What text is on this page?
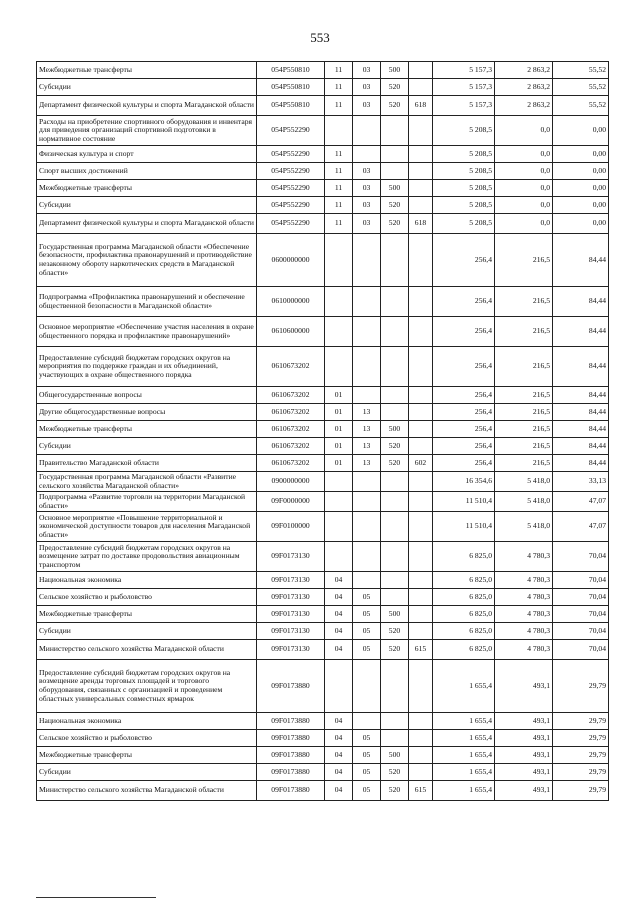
553
Межбюджетные трансферты	054P550810	11	03	500		5 157,3	2 863,2	55,52
Субсидии	054P550810	11	03	520		5 157,3	2 863,2	55,52
Департамент физической культуры и спорта Магаданской области	054P550810	11	03	520	618	5 157,3	2 863,2	55,52
Расходы на приобретение спортивного оборудования и инвентаря для приведения организаций спортивной подготовки в нормативное состояние	054P552290					5 208,5	0,0	0,00
Физическая культура и спорт	054P552290	11				5 208,5	0,0	0,00
Спорт высших достижений	054P552290	11	03			5 208,5	0,0	0,00
Межбюджетные трансферты	054P552290	11	03	500		5 208,5	0,0	0,00
Субсидии	054P552290	11	03	520		5 208,5	0,0	0,00
Департамент физической культуры и спорта Магаданской области	054P552290	11	03	520	618	5 208,5	0,0	0,00
Государственная программа Магаданской области «Обеспечение безопасности, профилактика правонарушений и противодействие незаконному обороту наркотических средств в Магаданской области»	0600000000					256,4	216,5	84,44
Подпрограмма «Профилактика правонарушений и обеспечение общественной безопасности в Магаданской области»	0610000000					256,4	216,5	84,44
Основное мероприятие «Обеспечение участия населения в охране общественного порядка и профилактике правонарушений»	0610600000					256,4	216,5	84,44
Предоставление субсидий бюджетам городских округов на мероприятия по поддержке граждан и их объединений, участвующих в охране общественного порядка	0610673202					256,4	216,5	84,44
Общегосударственные вопросы	0610673202	01				256,4	216,5	84,44
Другие общегосударственные вопросы	0610673202	01	13			256,4	216,5	84,44
Межбюджетные трансферты	0610673202	01	13	500		256,4	216,5	84,44
Субсидии	0610673202	01	13	520		256,4	216,5	84,44
Правительство Магаданской области	0610673202	01	13	520	602	256,4	216,5	84,44
Государственная программа Магаданской области «Развитие сельского хозяйства Магаданской области»	0900000000					16 354,6	5 418,0	33,13
Подпрограмма «Развитие торговли на территории Магаданской области»	09F0000000					11 510,4	5 418,0	47,07
Основное мероприятие «Повышение территориальной и экономической доступности товаров для населения Магаданской области»	09F0100000					11 510,4	5 418,0	47,07
Предоставление субсидий бюджетам городских округов на возмещение затрат по доставке продовольствия авиационным транспортом	09F0173130					6 825,0	4 780,3	70,04
Национальная экономика	09F0173130	04				6 825,0	4 780,3	70,04
Сельское хозяйство и рыболовство	09F0173130	04	05			6 825,0	4 780,3	70,04
Межбюджетные трансферты	09F0173130	04	05	500		6 825,0	4 780,3	70,04
Субсидии	09F0173130	04	05	520		6 825,0	4 780,3	70,04
Министерство сельского хозяйства Магаданской области	09F0173130	04	05	520	615	6 825,0	4 780,3	70,04
Предоставление субсидий бюджетам городских округов на возмещение аренды торговых площадей и торгового оборудования, связанных с организацией и проведением областных универсальных совместных ярмарок	09F0173880					1 655,4	493,1	29,79
Национальная экономика	09F0173880	04				1 655,4	493,1	29,79
Сельское хозяйство и рыболовство	09F0173880	04	05			1 655,4	493,1	29,79
Межбюджетные трансферты	09F0173880	04	05	500		1 655,4	493,1	29,79
Субсидии	09F0173880	04	05	520		1 655,4	493,1	29,79
Министерство сельского хозяйства Магаданской области	09F0173880	04	05	520	615	1 655,4	493,1	29,79
